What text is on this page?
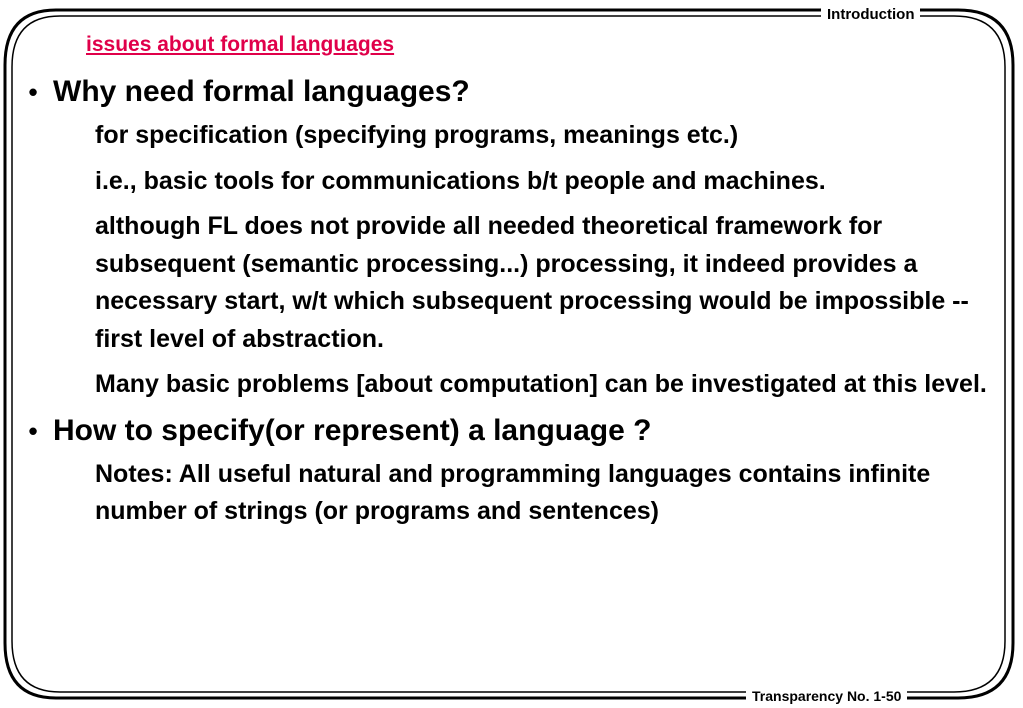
Introduction
issues about formal languages
• Why need formal languages?
for specification (specifying programs, meanings etc.)
i.e., basic tools for communications b/t people and machines.
although FL does not provide all needed theoretical framework for subsequent (semantic processing...) processing, it indeed provides a necessary start, w/t which subsequent processing would be impossible -- first level of abstraction.
Many basic problems [about computation] can be investigated at this level.
• How to specify(or represent) a language ?
Notes: All useful natural and programming languages contains infinite number of strings (or programs and sentences)
Transparency No. 1-50
